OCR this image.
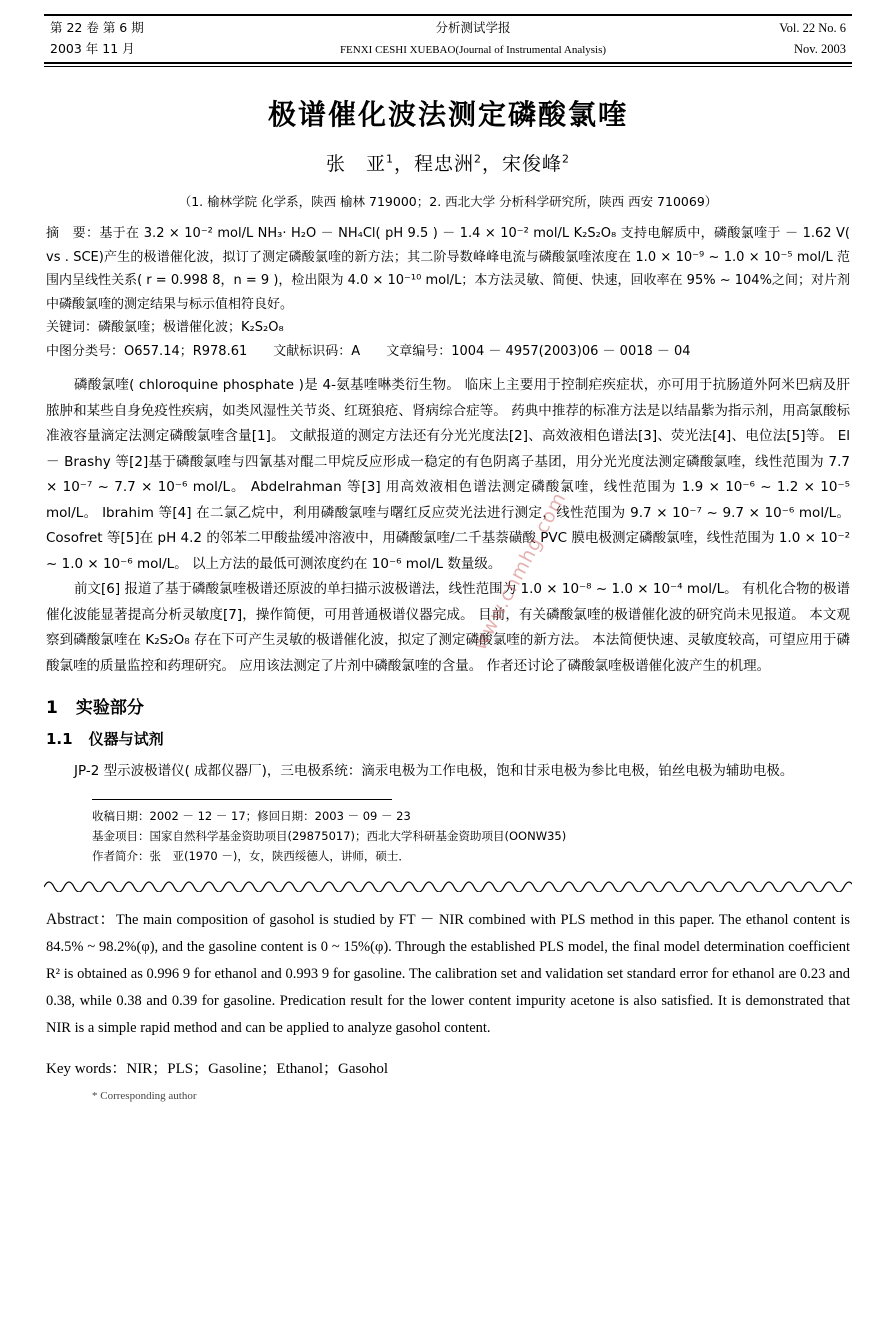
第 22 卷 第 6 期	分析测试学报	Vol. 22 No. 6
2003 年 11 月	FENXI CESHI XUEBAO(Journal of Instrumental Analysis)	Nov. 2003
极谱催化波法测定磷酸氯喹
张　亚$^1$，程忠洲$^2$，宋俊峰$^2$
（1. 榆林学院 化学系，陕西 榆林 719000；2. 西北大学 分析科学研究所，陕西 西安 710069）

摘　要：基于在 3.2 × 10⁻² mol/L NH₃· H₂O － NH₄Cl( pH 9.5 ) － 1.4 × 10⁻² mol/L K₂S₂O₈ 支持电解质中，磷酸氯喹于 － 1.62 V( vs . SCE)产生的极谱催化波，拟订了测定磷酸氯喹的新方法；其二阶导数峰峰电流与磷酸氯喹浓度在 1.0 × 10⁻⁹ ~ 1.0 × 10⁻⁵ mol/L 范围内呈线性关系( r = 0.998 8，n = 9 )，检出限为 4.0 × 10⁻¹⁰ mol/L；本方法灵敏、简便、快速，回收率在 95% ~ 104%之间；对片剂中磷酸氯喹的测定结果与标示值相符良好。

关键词：磷酸氯喹；极谱催化波；K₂S₂O₈

中图分类号：O657.14；R978.61 文献标识码：A 文章编号：1004 － 4957(2003)06 － 0018 － 04

磷酸氯喹( chloroquine phosphate )是 4-氨基喹啉类衍生物。 临床上主要用于控制疟疾症状，亦可用于抗肠道外阿米巴病及肝脓肿和某些自身免疫性疾病，如类风湿性关节炎、红斑狼疮、肾病综合症等。 药典中推荐的标准方法是以结晶紫为指示剂，用高氯酸标准液容量滴定法测定磷酸氯喹含量[1]。 文献报道的测定方法还有分光光度法[2]、高效液相色谱法[3]、荧光法[4]、电位法[5]等。 El － Brashy 等[2]基于磷酸氯喹与四氰基对醌二甲烷反应形成一稳定的有色阴离子基团，用分光光度法测定磷酸氯喹，线性范围为 7.7 × 10⁻⁷ ~ 7.7 × 10⁻⁶ mol/L。 Abdelrahman 等[3] 用高效液相色谱法测定磷酸氯喹，线性范围为 1.9 × 10⁻⁶ ~ 1.2 × 10⁻⁵ mol/L。 Ibrahim 等[4] 在二氯乙烷中，利用磷酸氯喹与曙红反应荧光法进行测定，线性范围为 9.7 × 10⁻⁷ ~ 9.7 × 10⁻⁶ mol/L。 Cosofret 等[5]在 pH 4.2 的邻苯二甲酸盐缓冲溶液中，用磷酸氯喹/二千基萘磺酸 PVC 膜电极测定磷酸氯喹，线性范围为 1.0 × 10⁻² ~ 1.0 × 10⁻⁶ mol/L。 以上方法的最低可测浓度约在 10⁻⁶ mol/L 数量级。

前文[6] 报道了基于磷酸氯喹极谱还原波的单扫描示波极谱法，线性范围为 1.0 × 10⁻⁸ ~ 1.0 × 10⁻⁴ mol/L。 有机化合物的极谱催化波能显著提高分析灵敏度[7]，操作简便，可用普通极谱仪器完成。 目前，有关磷酸氯喹的极谱催化波的研究尚未见报道。 本文观察到磷酸氯喹在 K₂S₂O₈ 存在下可产生灵敏的极谱催化波，拟定了测定磷酸氯喹的新方法。 本法简便快速、灵敏度较高，可望应用于磷酸氯喹的质量监控和药理研究。 应用该法测定了片剂中磷酸氯喹的含量。 作者还讨论了磷酸氯喹极谱催化波产生的机理。

1 实验部分
1.1 仪器与试剂

JP-2 型示波极谱仪( 成都仪器厂)，三电极系统：滴汞电极为工作电极，饱和甘汞电极为参比电极，铂丝电极为辅助电极。

收稿日期：2002 － 12 － 17；修回日期：2003 － 09 － 23
基金项目：国家自然科学基金资助项目(29875017)；西北大学科研基金资助项目(OONW35)
作者简介：张　亚(1970 －)，女，陕西绥德人，讲师，硕士．

Abstract：The main composition of gasohol is studied by FT － NIR combined with PLS method in this paper. The ethanol content is 84.5% ~ 98.2%(φ), and the gasoline content is 0 ~ 15%(φ). Through the established PLS model, the final model determination coefficient R² is obtained as 0.996 9 for ethanol and 0.993 9 for gasoline. The calibration set and validation set standard error for ethanol are 0.23 and 0.38, while 0.38 and 0.39 for gasoline. Predication result for the lower content impurity acetone is also satisfied. It is demonstrated that NIR is a simple rapid method and can be applied to analyze gasohol content.

Key words：NIR；PLS；Gasoline；Ethanol；Gasohol
* Corresponding author
www.cnmhg.com
